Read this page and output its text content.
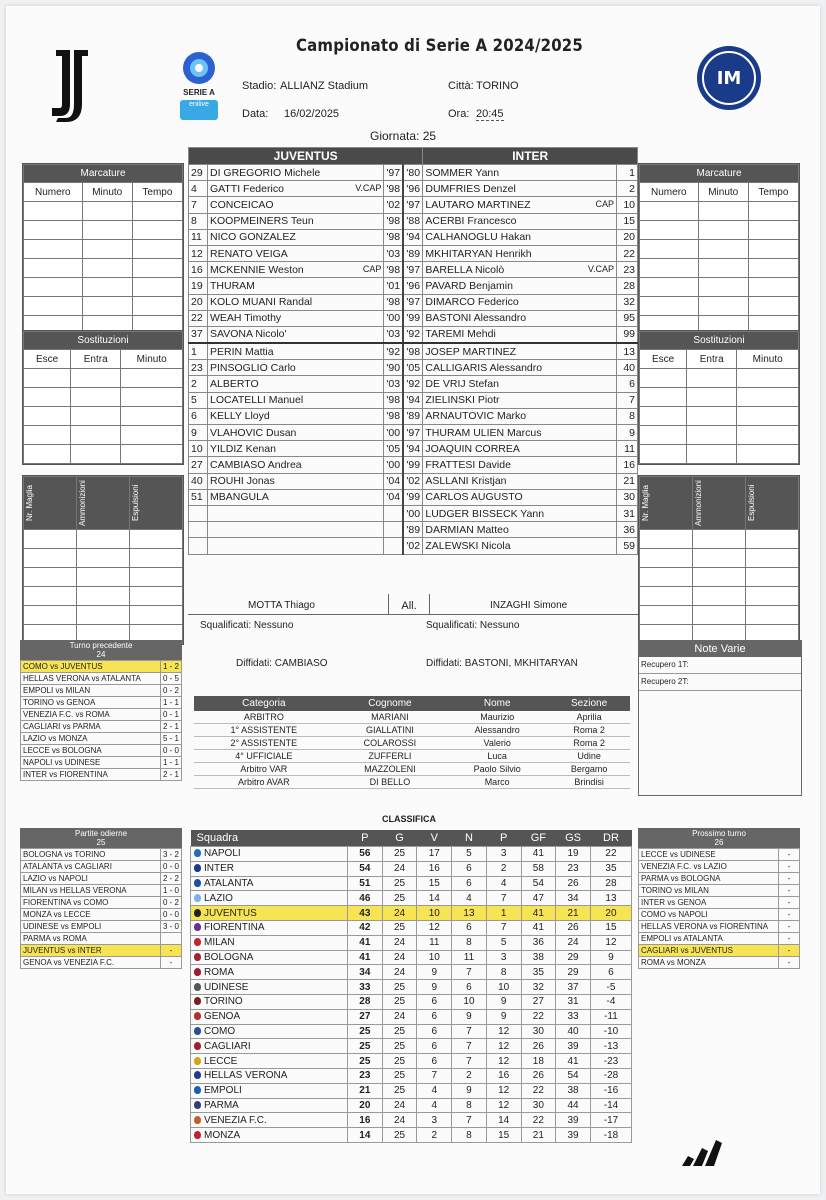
SERIE A
enilive
IM
Campionato di Serie A 2024/2025
Stadio: ALLIANZ Stadium	Città: TORINO
Data: 16/02/2025	Ora: 20:45
Giornata: 25
JUVENTUS				INTER	
29	DI GREGORIO Michele	'97	'80	SOMMER Yann	1
4	GATTI Federico V.CAP	'98	'96	DUMFRIES Denzel	2
7	CONCEICAO	'02	'97	LAUTARO MARTINEZ CAP	10
8	KOOPMEINERS Teun	'98	'88	ACERBI Francesco	15
11	NICO GONZALEZ	'98	'94	CALHANOGLU Hakan	20
12	RENATO VEIGA	'03	'89	MKHITARYAN Henrikh	22
16	MCKENNIE Weston CAP	'98	'97	BARELLA Nicolò V.CAP	23
19	THURAM	'01	'96	PAVARD Benjamin	28
20	KOLO MUANI Randal	'98	'97	DIMARCO Federico	32
22	WEAH Timothy	'00	'99	BASTONI Alessandro	95
37	SAVONA Nicolo'	'03	'92	TAREMI Mehdi	99
1	PERIN Mattia	'92	'98	JOSEP MARTINEZ	13
23	PINSOGLIO Carlo	'90	'05	CALLIGARIS Alessandro	40
2	ALBERTO	'03	'92	DE VRIJ Stefan	6
5	LOCATELLI Manuel	'98	'94	ZIELINSKI Piotr	7
6	KELLY Lloyd	'98	'89	ARNAUTOVIC Marko	8
9	VLAHOVIC Dusan	'00	'97	THURAM ULIEN Marcus	9
10	YILDIZ Kenan	'05	'94	JOAQUIN CORREA	11
27	CAMBIASO Andrea	'00	'99	FRATTESI Davide	16
40	ROUHI Jonas	'04	'02	ASLLANI Kristjan	21
51	MBANGULA	'04	'99	CARLOS AUGUSTO	30

		'00	LUDGER BISSECK Yann	31

		'89	DARMIAN Matteo	36

		'02	ZALEWSKI Nicola	59
Marcature		
Numero	Minuto	Tempo

Marcature		
Numero	Minuto	Tempo

Sostituzioni		
Esce	Entra	Minuto

Sostituzioni		
Esce	Entra	Minuto

Nr. Maglia	Ammonizioni	Espulsioni

			Nr. Maglia	Ammonizioni	Espulsioni

MOTTA Thiago	All.	INZAGHI Simone
Squalificati: Nessuno	Squalificati: Nessuno
Diffidati: CAMBIASO	Diffidati: BASTONI, MKHITARYAN
Turno precedente
24
COMO vs JUVENTUS	1 - 2
HELLAS VERONA vs ATALANTA	0 - 5
EMPOLI vs MILAN	0 - 2
TORINO vs GENOA	1 - 1
VENEZIA F.C. vs ROMA	0 - 1
CAGLIARI vs PARMA	2 - 1
LAZIO vs MONZA	5 - 1
LECCE vs BOLOGNA	0 - 0
NAPOLI vs UDINESE	1 - 1
INTER vs FIORENTINA	2 - 1
Partite odierne
25
BOLOGNA vs TORINO	3 - 2
ATALANTA vs CAGLIARI	0 - 0
LAZIO vs NAPOLI	2 - 2
MILAN vs HELLAS VERONA	1 - 0
FIORENTINA vs COMO	0 - 2
MONZA vs LECCE	0 - 0
UDINESE vs EMPOLI	3 - 0
PARMA vs ROMA	
JUVENTUS vs INTER	-
GENOA vs VENEZIA F.C.	-
Prossimo turno
26
LECCE vs UDINESE	-
VENEZIA F.C. vs LAZIO	-
PARMA vs BOLOGNA	-
TORINO vs MILAN	-
INTER vs GENOA	-
COMO vs NAPOLI	-
HELLAS VERONA vs FIORENTINA	-
EMPOLI vs ATALANTA	-
CAGLIARI vs JUVENTUS	-
ROMA vs MONZA	-
Note Varie
Recupero 1T:
Recupero 2T:
Categoria	Cognome	Nome	Sezione
ARBITRO	MARIANI	Maurizio	Aprilia
1° ASSISTENTE	GIALLATINI	Alessandro	Roma 2
2° ASSISTENTE	COLAROSSI	Valerio	Roma 2
4° UFFICIALE	ZUFFERLI	Luca	Udine
Arbitro VAR	MAZZOLENI	Paolo Silvio	Bergamo
Arbitro AVAR	DI BELLO	Marco	Brindisi
CLASSIFICA
Squadra	P	G	V	N	P	GF	GS	DR
NAPOLI	56	25	17	5	3	41	19	22
INTER	54	24	16	6	2	58	23	35
ATALANTA	51	25	15	6	4	54	26	28
LAZIO	46	25	14	4	7	47	34	13
JUVENTUS	43	24	10	13	1	41	21	20
FIORENTINA	42	25	12	6	7	41	26	15
MILAN	41	24	11	8	5	36	24	12
BOLOGNA	41	24	10	11	3	38	29	9
ROMA	34	24	9	7	8	35	29	6
UDINESE	33	25	9	6	10	32	37	-5
TORINO	28	25	6	10	9	27	31	-4
GENOA	27	24	6	9	9	22	33	-11
COMO	25	25	6	7	12	30	40	-10
CAGLIARI	25	25	6	7	12	26	39	-13
LECCE	25	25	6	7	12	18	41	-23
HELLAS VERONA	23	25	7	2	16	26	54	-28
EMPOLI	21	25	4	9	12	22	38	-16
PARMA	20	24	4	8	12	30	44	-14
VENEZIA F.C.	16	24	3	7	14	22	39	-17
MONZA	14	25	2	8	15	21	39	-18
